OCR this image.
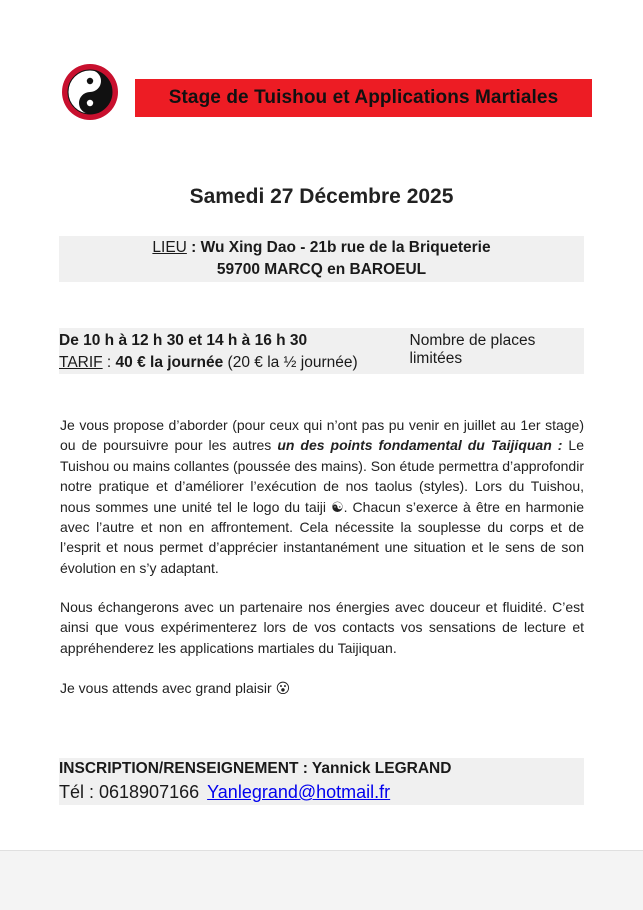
Stage de Tuishou et Applications Martiales
Samedi 27 Décembre 2025
LIEU : Wu Xing Dao - 21b rue de la Briqueterie
59700 MARCQ en BAROEUL
De 10 h à 12 h 30 et 14 h à 16 h 30	Nombre de places limitées
TARIF : 40 € la journée (20 € la ½ journée)
Je vous propose d’aborder (pour ceux qui n’ont pas pu venir en juillet au 1er stage) ou de poursuivre pour les autres un des points fondamental du Taijiquan : Le Tuishou ou mains collantes (poussée des mains). Son étude permettra d’approfondir notre pratique et d’améliorer l’exécution de nos taolus (styles). Lors du Tuishou, nous sommes une unité tel le logo du taiji ☯. Chacun s’exerce à être en harmonie avec l’autre et non en affrontement. Cela nécessite la souplesse du corps et de l’esprit et nous permet d’apprécier instantanément une situation et le sens de son évolution en s’y adaptant.
Nous échangerons avec un partenaire nos énergies avec douceur et fluidité. C’est ainsi que vous expérimenterez lors de vos contacts vos sensations de lecture et appréhenderez les applications martiales du Taijiquan.
Je vous attends avec grand plaisir 😮
INSCRIPTION/RENSEIGNEMENT : Yannick LEGRAND
Tél : 0618907166 Yanlegrand@hotmail.fr
